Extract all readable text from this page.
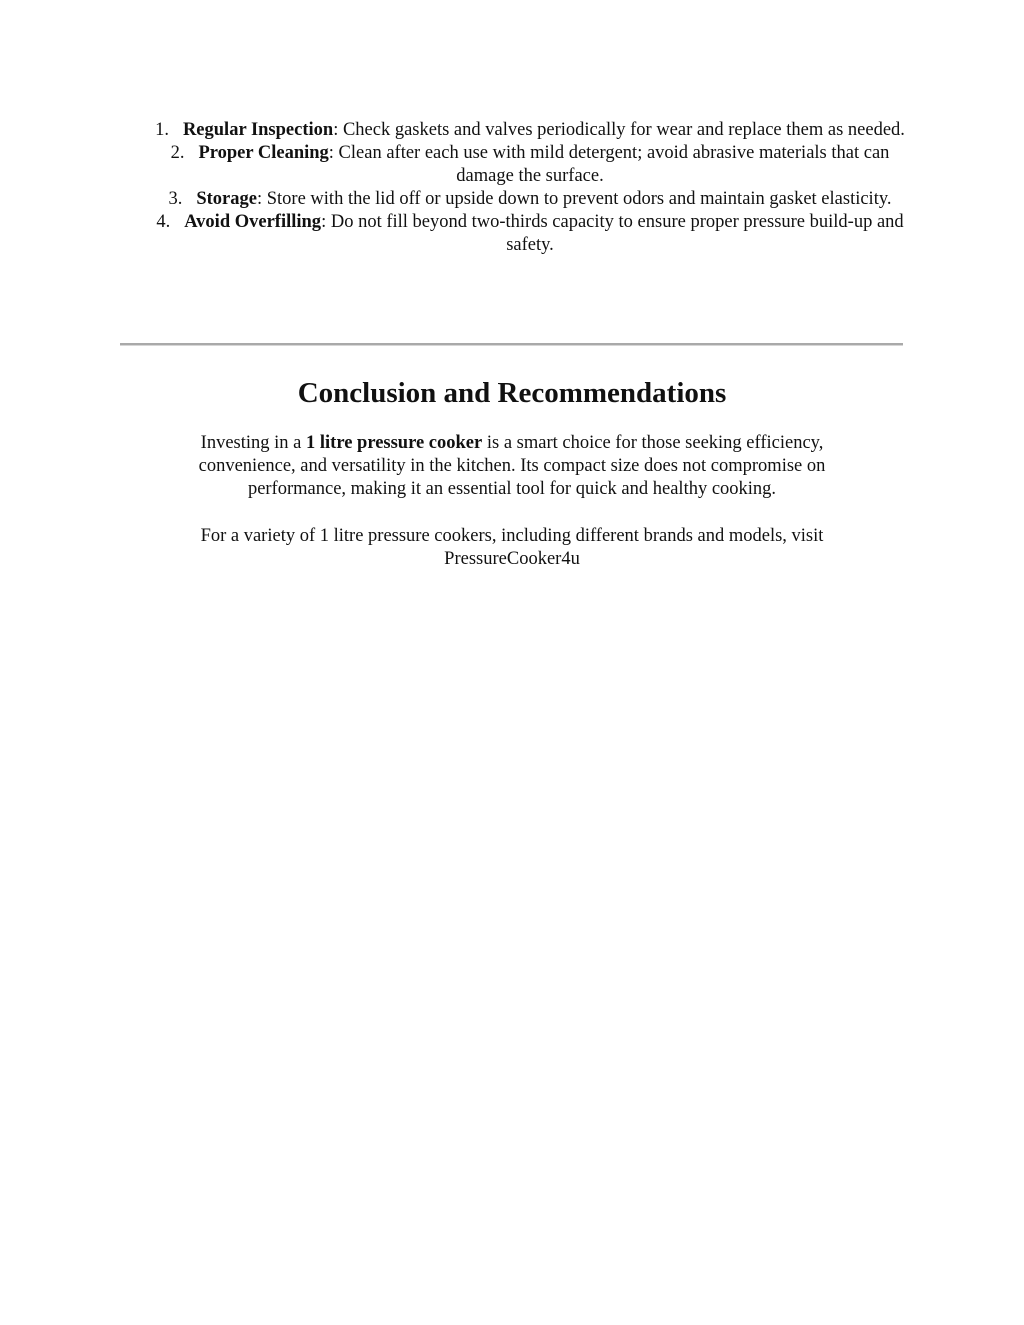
1. Regular Inspection: Check gaskets and valves periodically for wear and replace them as needed.

2. Proper Cleaning: Clean after each use with mild detergent; avoid abrasive materials that can damage the surface.

3. Storage: Store with the lid off or upside down to prevent odors and maintain gasket elasticity.

4. Avoid Overfilling: Do not fill beyond two-thirds capacity to ensure proper pressure build-up and safety.

Conclusion and Recommendations

Investing in a 1 litre pressure cooker is a smart choice for those seeking efficiency, convenience, and versatility in the kitchen. Its compact size does not compromise on performance, making it an essential tool for quick and healthy cooking.

For a variety of 1 litre pressure cookers, including different brands and models, visit PressureCooker4u
